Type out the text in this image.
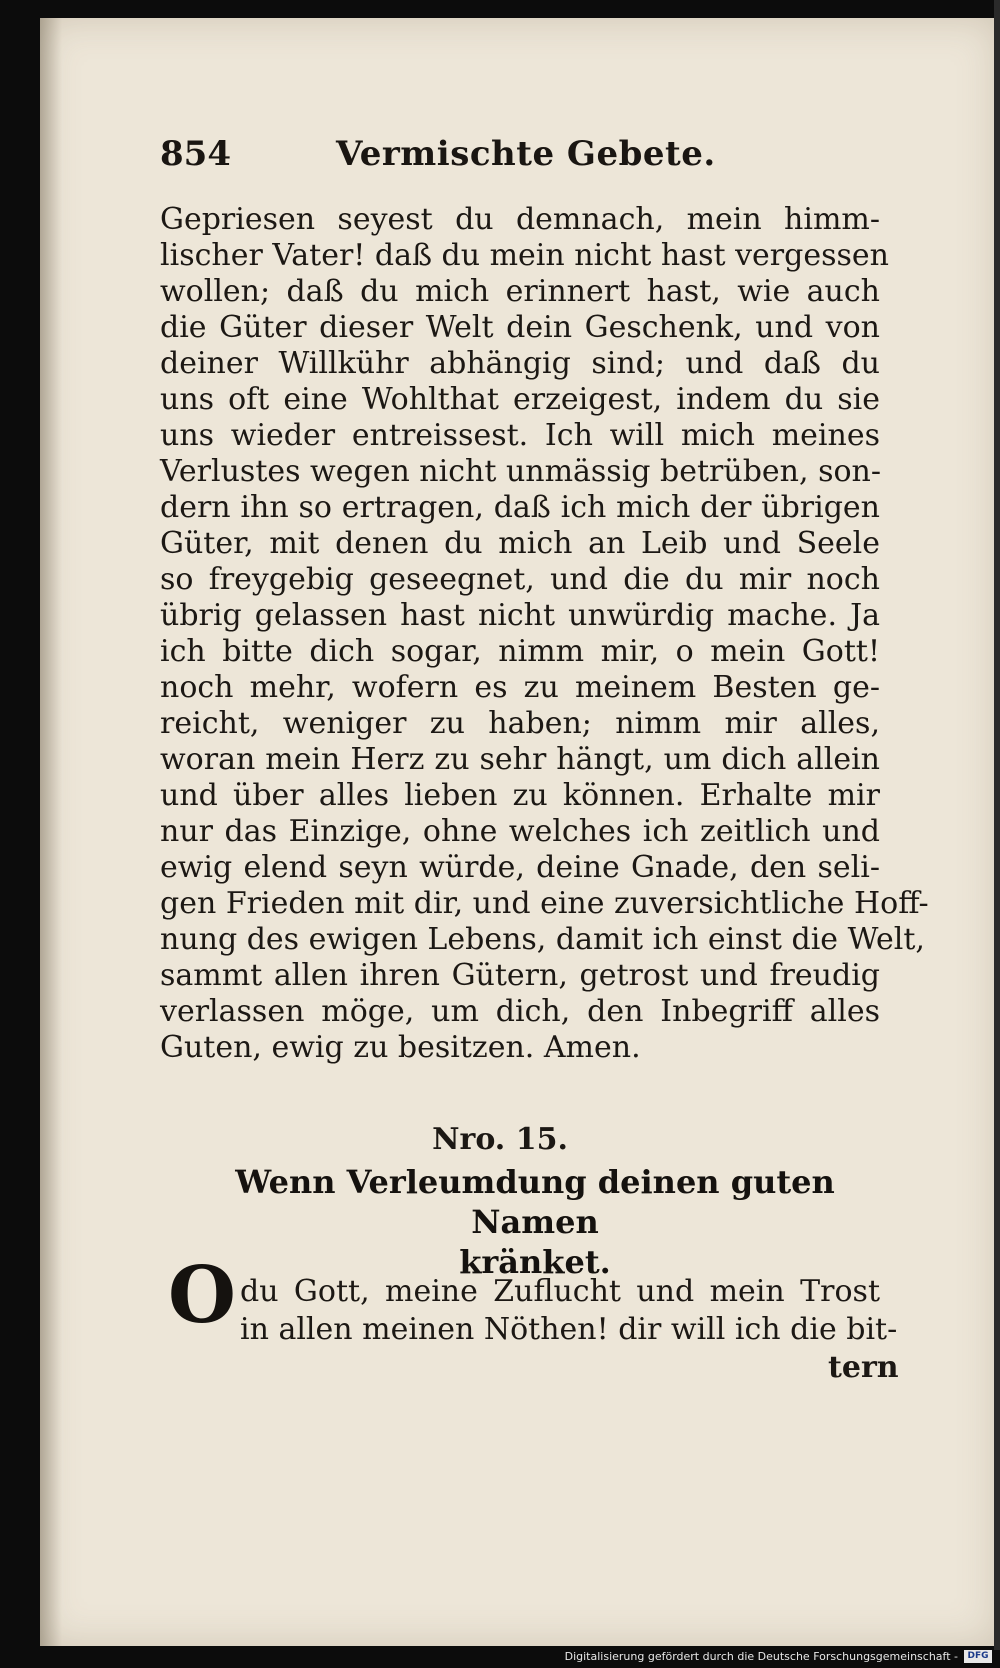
854	Vermischte Gebete.
Gepriesen seyest du demnach, mein himm-
lischer Vater! daß du mein nicht hast vergessen
wollen; daß du mich erinnert hast, wie auch
die Güter dieser Welt dein Geschenk, und von
deiner Willkühr abhängig sind; und daß du
uns oft eine Wohlthat erzeigest, indem du sie
uns wieder entreissest. Ich will mich meines
Verlustes wegen nicht unmässig betrüben, son-
dern ihn so ertragen, daß ich mich der übrigen
Güter, mit denen du mich an Leib und Seele
so freygebig geseegnet, und die du mir noch
übrig gelassen hast nicht unwürdig mache. Ja
ich bitte dich sogar, nimm mir, o mein Gott!
noch mehr, wofern es zu meinem Besten ge-
reicht, weniger zu haben; nimm mir alles,
woran mein Herz zu sehr hängt, um dich allein
und über alles lieben zu können. Erhalte mir
nur das Einzige, ohne welches ich zeitlich und
ewig elend seyn würde, deine Gnade, den seli-
gen Frieden mit dir, und eine zuversichtliche Hoff-
nung des ewigen Lebens, damit ich einst die Welt,
sammt allen ihren Gütern, getrost und freudig
verlassen möge, um dich, den Inbegriff alles
Guten, ewig zu besitzen. Amen.
Nro. 15.
Wenn Verleumdung deinen guten Namen
kränket.
O du Gott, meine Zuflucht und mein Trost
in allen meinen Nöthen! dir will ich die bit-
tern
Digitalisierung gefördert durch die Deutsche Forschungsgemeinschaft -	DFG
